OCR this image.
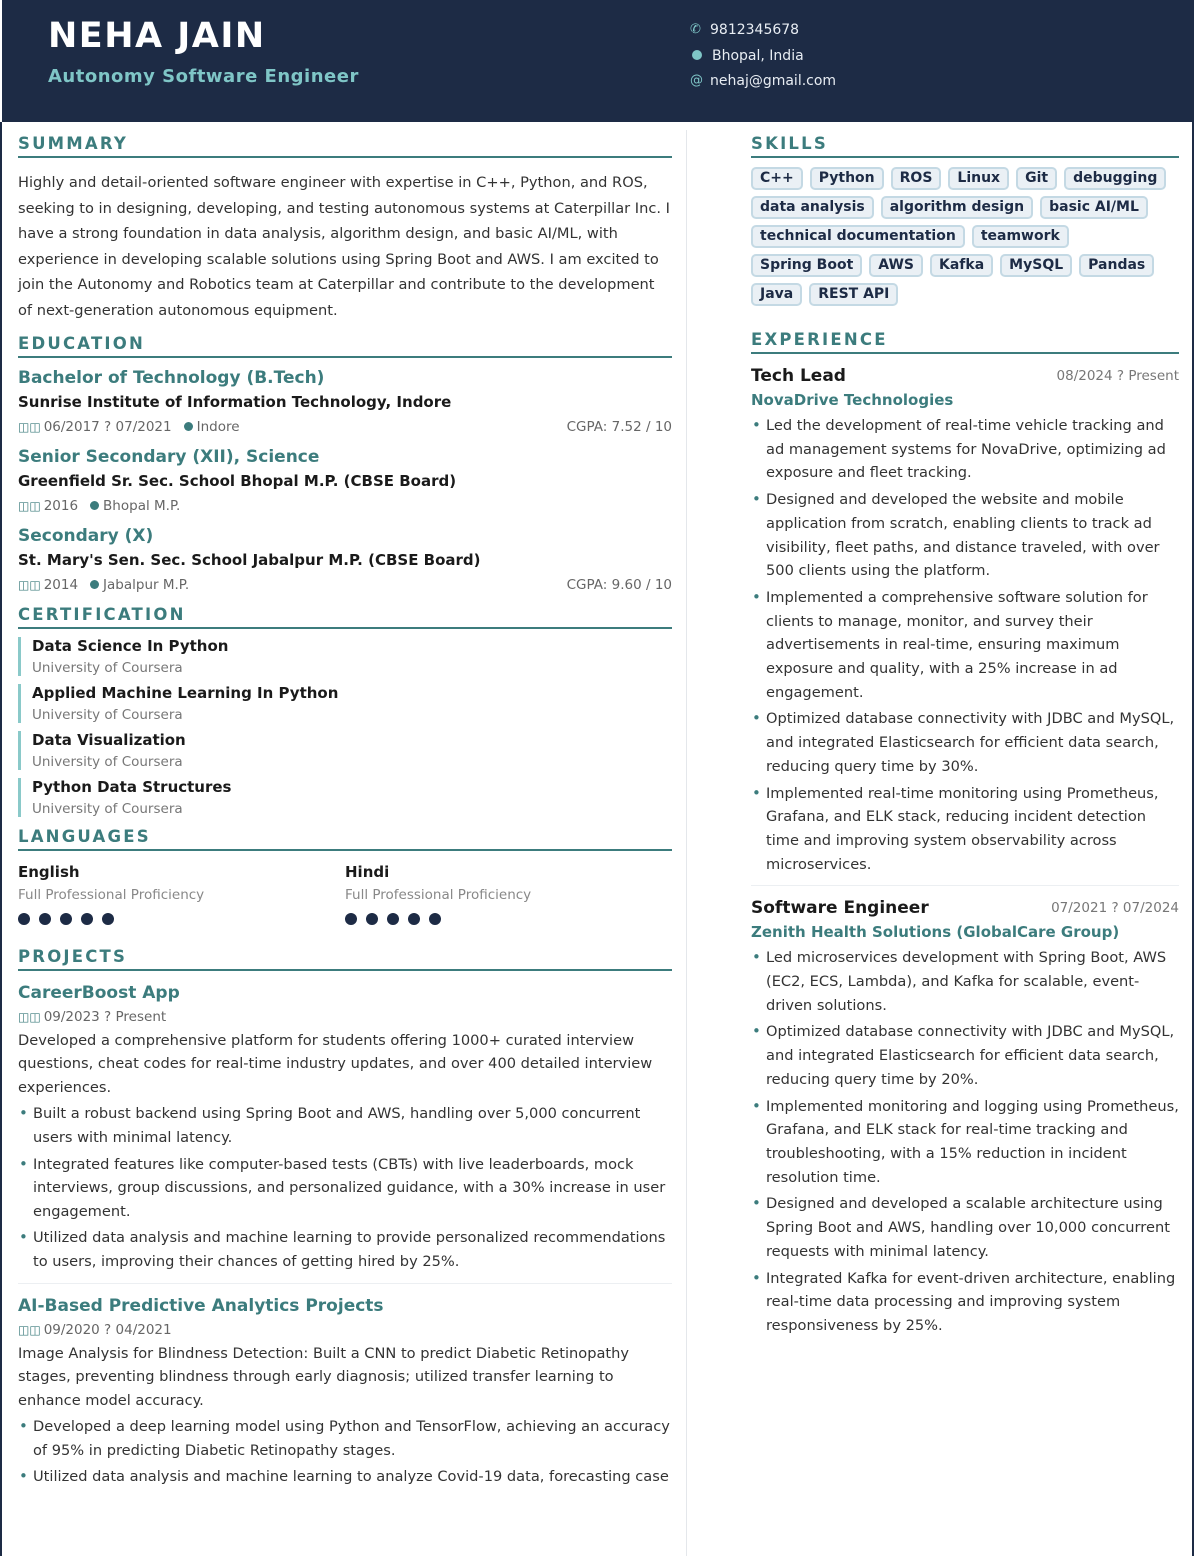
NEHA JAIN
Autonomy Software Engineer
✆ 9812345678
Bhopal, India
@ nehaj@gmail.com
SUMMARY
Highly and detail-oriented software engineer with expertise in C++, Python, and ROS, seeking to in designing, developing, and testing autonomous systems at Caterpillar Inc. I have a strong foundation in data analysis, algorithm design, and basic AI/ML, with experience in developing scalable solutions using Spring Boot and AWS. I am excited to join the Autonomy and Robotics team at Caterpillar and contribute to the development of next-generation autonomous equipment.
EDUCATION
Bachelor of Technology (B.Tech)
Sunrise Institute of Information Technology, Indore
◫◫ 06/2017 ? 07/2021 Indore	CGPA: 7.52 / 10
Senior Secondary (XII), Science
Greenfield Sr. Sec. School Bhopal M.P. (CBSE Board)
◫◫ 2016 Bhopal M.P.
Secondary (X)
St. Mary's Sen. Sec. School Jabalpur M.P. (CBSE Board)
◫◫ 2014 Jabalpur M.P.	CGPA: 9.60 / 10
CERTIFICATION
Data Science In Python
University of Coursera
Applied Machine Learning In Python
University of Coursera
Data Visualization
University of Coursera
Python Data Structures
University of Coursera
LANGUAGES
English
Full Professional Proficiency
Hindi
Full Professional Proficiency
PROJECTS
CareerBoost App
◫◫ 09/2023 ? Present
Developed a comprehensive platform for students offering 1000+ curated interview questions, cheat codes for real-time industry updates, and over 400 detailed interview experiences.
• Built a robust backend using Spring Boot and AWS, handling over 5,000 concurrent users with minimal latency.
• Integrated features like computer-based tests (CBTs) with live leaderboards, mock interviews, group discussions, and personalized guidance, with a 30% increase in user engagement.
• Utilized data analysis and machine learning to provide personalized recommendations to users, improving their chances of getting hired by 25%.
AI-Based Predictive Analytics Projects
◫◫ 09/2020 ? 04/2021
Image Analysis for Blindness Detection: Built a CNN to predict Diabetic Retinopathy stages, preventing blindness through early diagnosis; utilized transfer learning to enhance model accuracy.
• Developed a deep learning model using Python and TensorFlow, achieving an accuracy of 95% in predicting Diabetic Retinopathy stages.
• Utilized data analysis and machine learning to analyze Covid-19 data, forecasting case
SKILLS
C++	Python	ROS	Linux	Git	debugging
data analysis	algorithm design	basic AI/ML
technical documentation	teamwork
Spring Boot	AWS	Kafka	MySQL	Pandas
Java	REST API
EXPERIENCE
Tech Lead	08/2024 ? Present
NovaDrive Technologies
• Led the development of real-time vehicle tracking and ad management systems for NovaDrive, optimizing ad exposure and fleet tracking.
• Designed and developed the website and mobile application from scratch, enabling clients to track ad visibility, fleet paths, and distance traveled, with over 500 clients using the platform.
• Implemented a comprehensive software solution for clients to manage, monitor, and survey their advertisements in real-time, ensuring maximum exposure and quality, with a 25% increase in ad engagement.
• Optimized database connectivity with JDBC and MySQL, and integrated Elasticsearch for efficient data search, reducing query time by 30%.
• Implemented real-time monitoring using Prometheus, Grafana, and ELK stack, reducing incident detection time and improving system observability across microservices.
Software Engineer	07/2021 ? 07/2024
Zenith Health Solutions (GlobalCare Group)
• Led microservices development with Spring Boot, AWS (EC2, ECS, Lambda), and Kafka for scalable, event-driven solutions.
• Optimized database connectivity with JDBC and MySQL, and integrated Elasticsearch for efficient data search, reducing query time by 20%.
• Implemented monitoring and logging using Prometheus, Grafana, and ELK stack for real-time tracking and troubleshooting, with a 15% reduction in incident resolution time.
• Designed and developed a scalable architecture using Spring Boot and AWS, handling over 10,000 concurrent requests with minimal latency.
• Integrated Kafka for event-driven architecture, enabling real-time data processing and improving system responsiveness by 25%.
